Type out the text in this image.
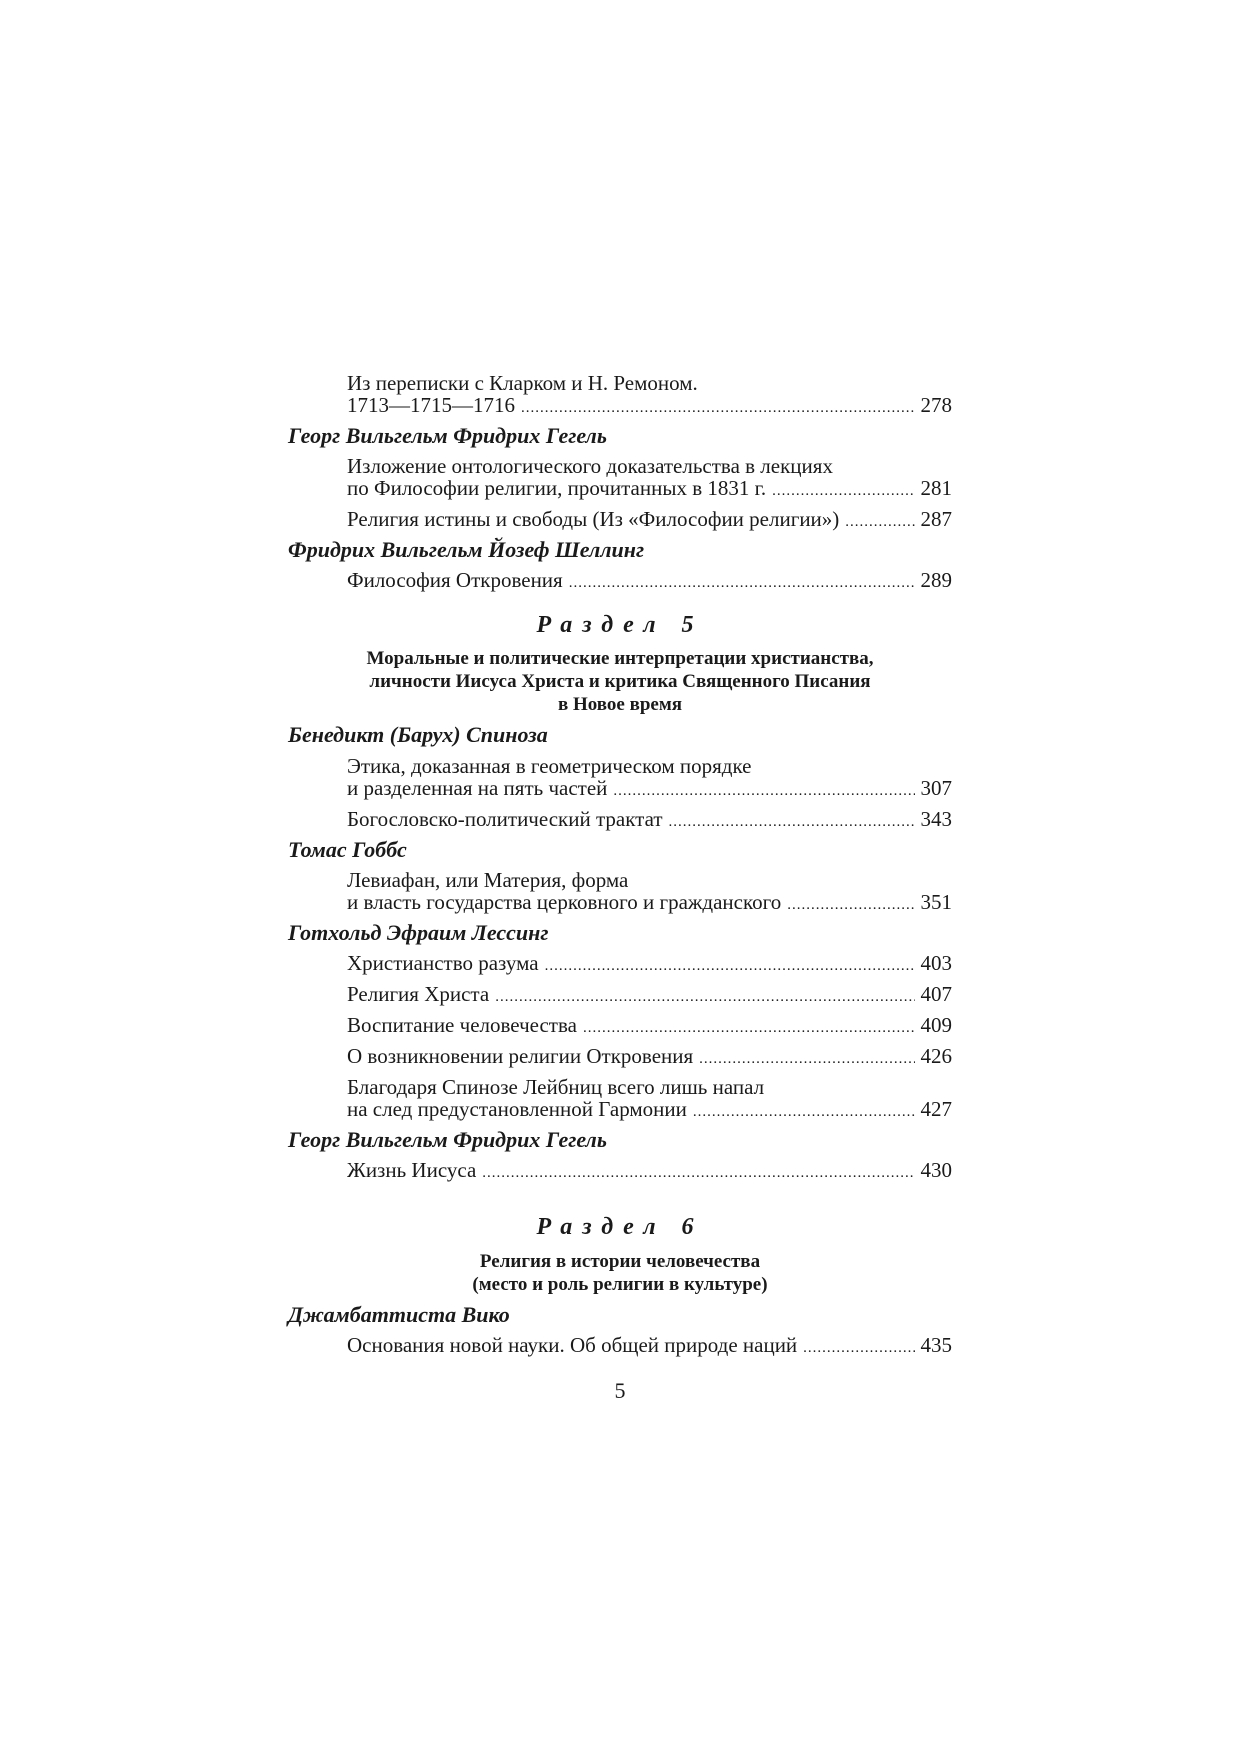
Из переписки с Кларком и Н. Ремоном.
1713—1715—1716 .....	278
Георг Вильгельм Фридрих Гегель
Изложение онтологического доказательства в лекциях
по Философии религии, прочитанных в 1831 г. .....	281
Религия истины и свободы (Из «Философии религии») .....	287
Фридрих Вильгельм Йозеф Шеллинг
Философия Откровения .....	289
Раздел 5
Моральные и политические интерпретации христианства,
личности Иисуса Христа и критика Священного Писания
в Новое время
Бенедикт (Барух) Спиноза
Этика, доказанная в геометрическом порядке
и разделенная на пять частей .....	307
Богословско-политический трактат .....	343
Томас Гоббс
Левиафан, или Материя, форма
и власть государства церковного и гражданского .....	351
Готхольд Эфраим Лессинг
Христианство разума .....	403
Религия Христа .....	407
Воспитание человечества .....	409
О возникновении религии Откровения .....	426
Благодаря Спинозе Лейбниц всего лишь напал
на след предустановленной Гармонии .....	427
Георг Вильгельм Фридрих Гегель
Жизнь Иисуса .....	430
Раздел 6
Религия в истории человечества
(место и роль религии в культуре)
Джамбаттиста Вико
Основания новой науки. Об общей природе наций .....	435
5
